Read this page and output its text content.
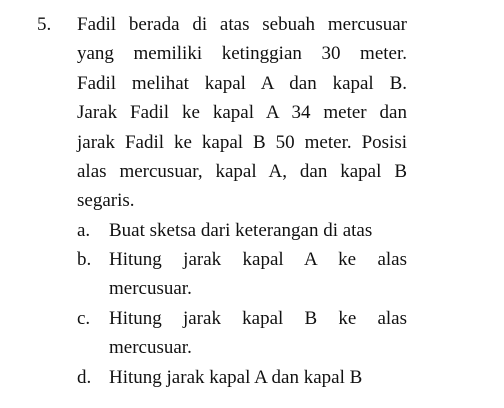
5. Fadil berada di atas sebuah mercusuar
yang memiliki ketinggian 30 meter.
Fadil melihat kapal A dan kapal B.
Jarak Fadil ke kapal A 34 meter dan
jarak Fadil ke kapal B 50 meter. Posisi
alas mercusuar, kapal A, dan kapal B
segaris.
a. Buat sketsa dari keterangan di atas
b. Hitung jarak kapal A ke alas
mercusuar.
c. Hitung jarak kapal B ke alas
mercusuar.
d. Hitung jarak kapal A dan kapal B
